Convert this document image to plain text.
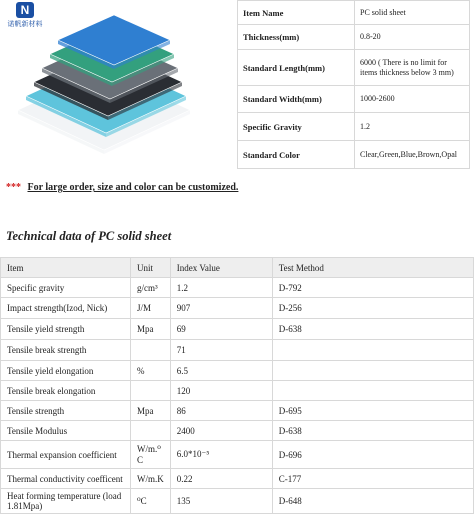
N
诺帆新材料
Item Name	PC solid sheet
Thickness(mm)	0.8-20
Standard Length(mm)	6000 ( There is no limit for items thickness below 3 mm)
Standard Width(mm)	1000-2600
Specific Gravity	1.2
Standard Color	Clear,Green,Blue,Brown,Opal
*** For large order, size and color can be customized.
Technical data of PC solid sheet
Item	Unit	Index Value	Test Method
Specific gravity	g/cm³	1.2	D-792
Impact strength(Izod, Nick)	J/M	907	D-256
Tensile yield strength	Mpa	69	D-638
Tensile break strength		71	
Tensile yield elongation	%	6.5	
Tensile break elongation		120	
Tensile strength	Mpa	86	D-695
Tensile Modulus		2400	D-638
Thermal expansion coefficient	W/m.⁰ C	6.0*10⁻⁵	D-696
Thermal conductivity coefficent	W/m.K	0.22	C-177
Heat forming temperature (load 1.81Mpa)	⁰C	135	D-648
